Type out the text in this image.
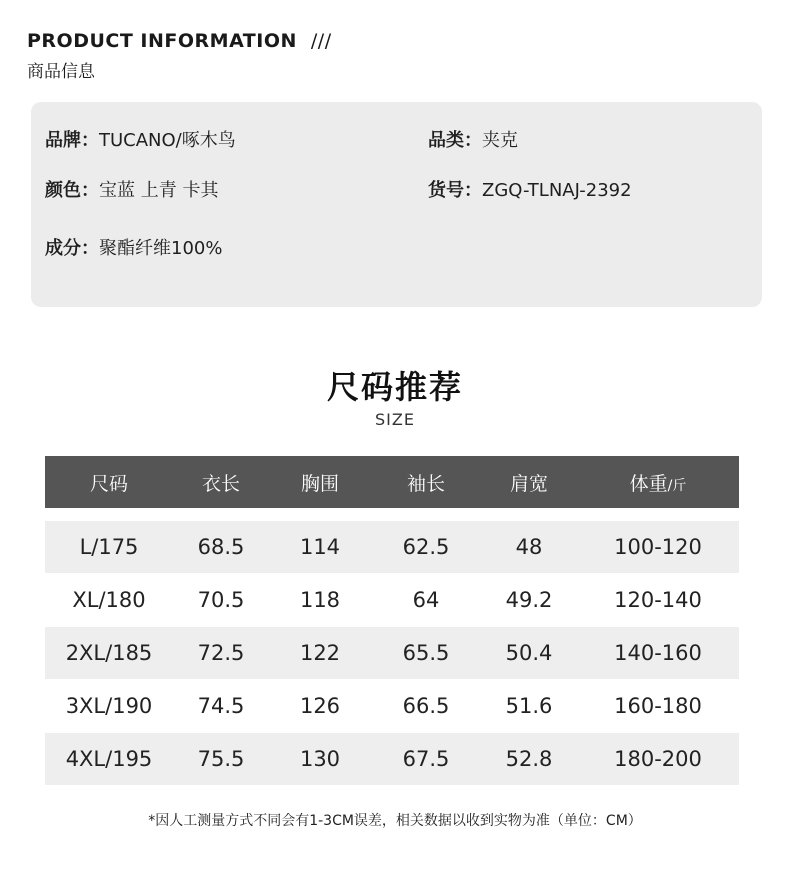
PRODUCT INFORMATION ///
商品信息
品牌：TUCANO/啄木鸟	品类：夹克
颜色：宝蓝 上青 卡其	货号：ZGQ-TLNAJ-2392
成分：聚酯纤维100%
尺码推荐
SIZE
尺码	衣长	胸围	袖长	肩宽	体重/斤
L/175	68.5	114	62.5	48	100-120
XL/180	70.5	118	64	49.2	120-140
2XL/185	72.5	122	65.5	50.4	140-160
3XL/190	74.5	126	66.5	51.6	160-180
4XL/195	75.5	130	67.5	52.8	180-200
*因人工测量方式不同会有1-3CM误差，相关数据以收到实物为准（单位：CM）
